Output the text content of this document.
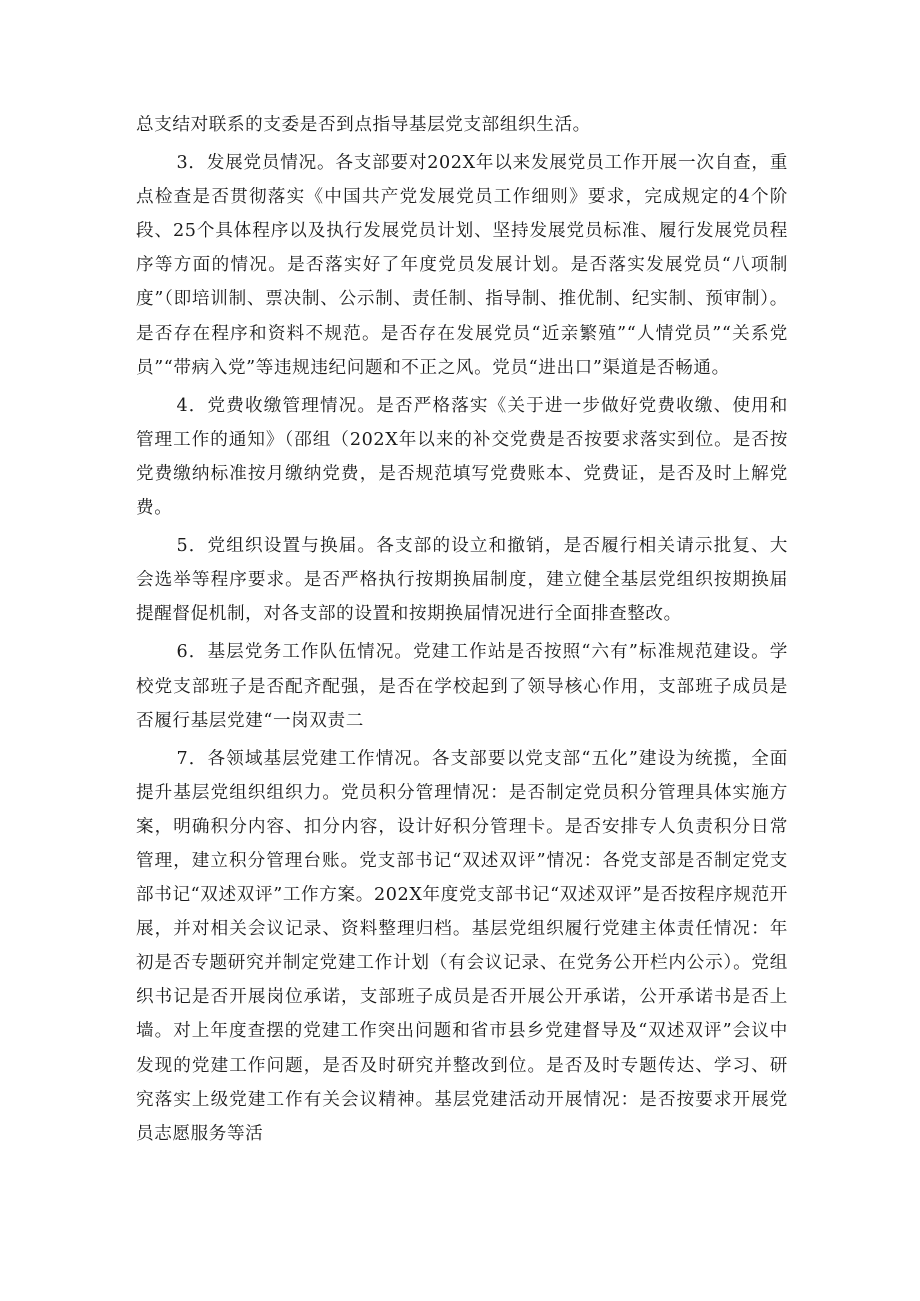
总支结对联系的支委是否到点指导基层党支部组织生活。

3．发展党员情况。各支部要对202X年以来发展党员工作开展一次自查，重点检查是否贯彻落实《中国共产党发展党员工作细则》要求，完成规定的4个阶段、25个具体程序以及执行发展党员计划、坚持发展党员标准、履行发展党员程序等方面的情况。是否落实好了年度党员发展计划。是否落实发展党员“八项制度”（即培训制、票决制、公示制、责任制、指导制、推优制、纪实制、预审制）。是否存在程序和资料不规范。是否存在发展党员“近亲繁殖”“人情党员”“关系党员”“带病入党”等违规违纪问题和不正之风。党员“进出口”渠道是否畅通。

4．党费收缴管理情况。是否严格落实《关于进一步做好党费收缴、使用和管理工作的通知》（邵组（202X年以来的补交党费是否按要求落实到位。是否按党费缴纳标准按月缴纳党费，是否规范填写党费账本、党费证，是否及时上解党费。

5．党组织设置与换届。各支部的设立和撤销，是否履行相关请示批复、大会选举等程序要求。是否严格执行按期换届制度，建立健全基层党组织按期换届提醒督促机制，对各支部的设置和按期换届情况进行全面排查整改。

6．基层党务工作队伍情况。党建工作站是否按照“六有”标准规范建设。学校党支部班子是否配齐配强，是否在学校起到了领导核心作用，支部班子成员是否履行基层党建“一岗双责二

7．各领域基层党建工作情况。各支部要以党支部“五化”建设为统揽，全面提升基层党组织组织力。党员积分管理情况：是否制定党员积分管理具体实施方案，明确积分内容、扣分内容，设计好积分管理卡。是否安排专人负责积分日常管理，建立积分管理台账。党支部书记“双述双评”情况：各党支部是否制定党支部书记“双述双评”工作方案。202X年度党支部书记“双述双评”是否按程序规范开展，并对相关会议记录、资料整理归档。基层党组织履行党建主体责任情况：年初是否专题研究并制定党建工作计划（有会议记录、在党务公开栏内公示）。党组织书记是否开展岗位承诺，支部班子成员是否开展公开承诺，公开承诺书是否上墙。对上年度查摆的党建工作突出问题和省市县乡党建督导及“双述双评”会议中发现的党建工作问题，是否及时研究并整改到位。是否及时专题传达、学习、研究落实上级党建工作有关会议精神。基层党建活动开展情况：是否按要求开展党员志愿服务等活
